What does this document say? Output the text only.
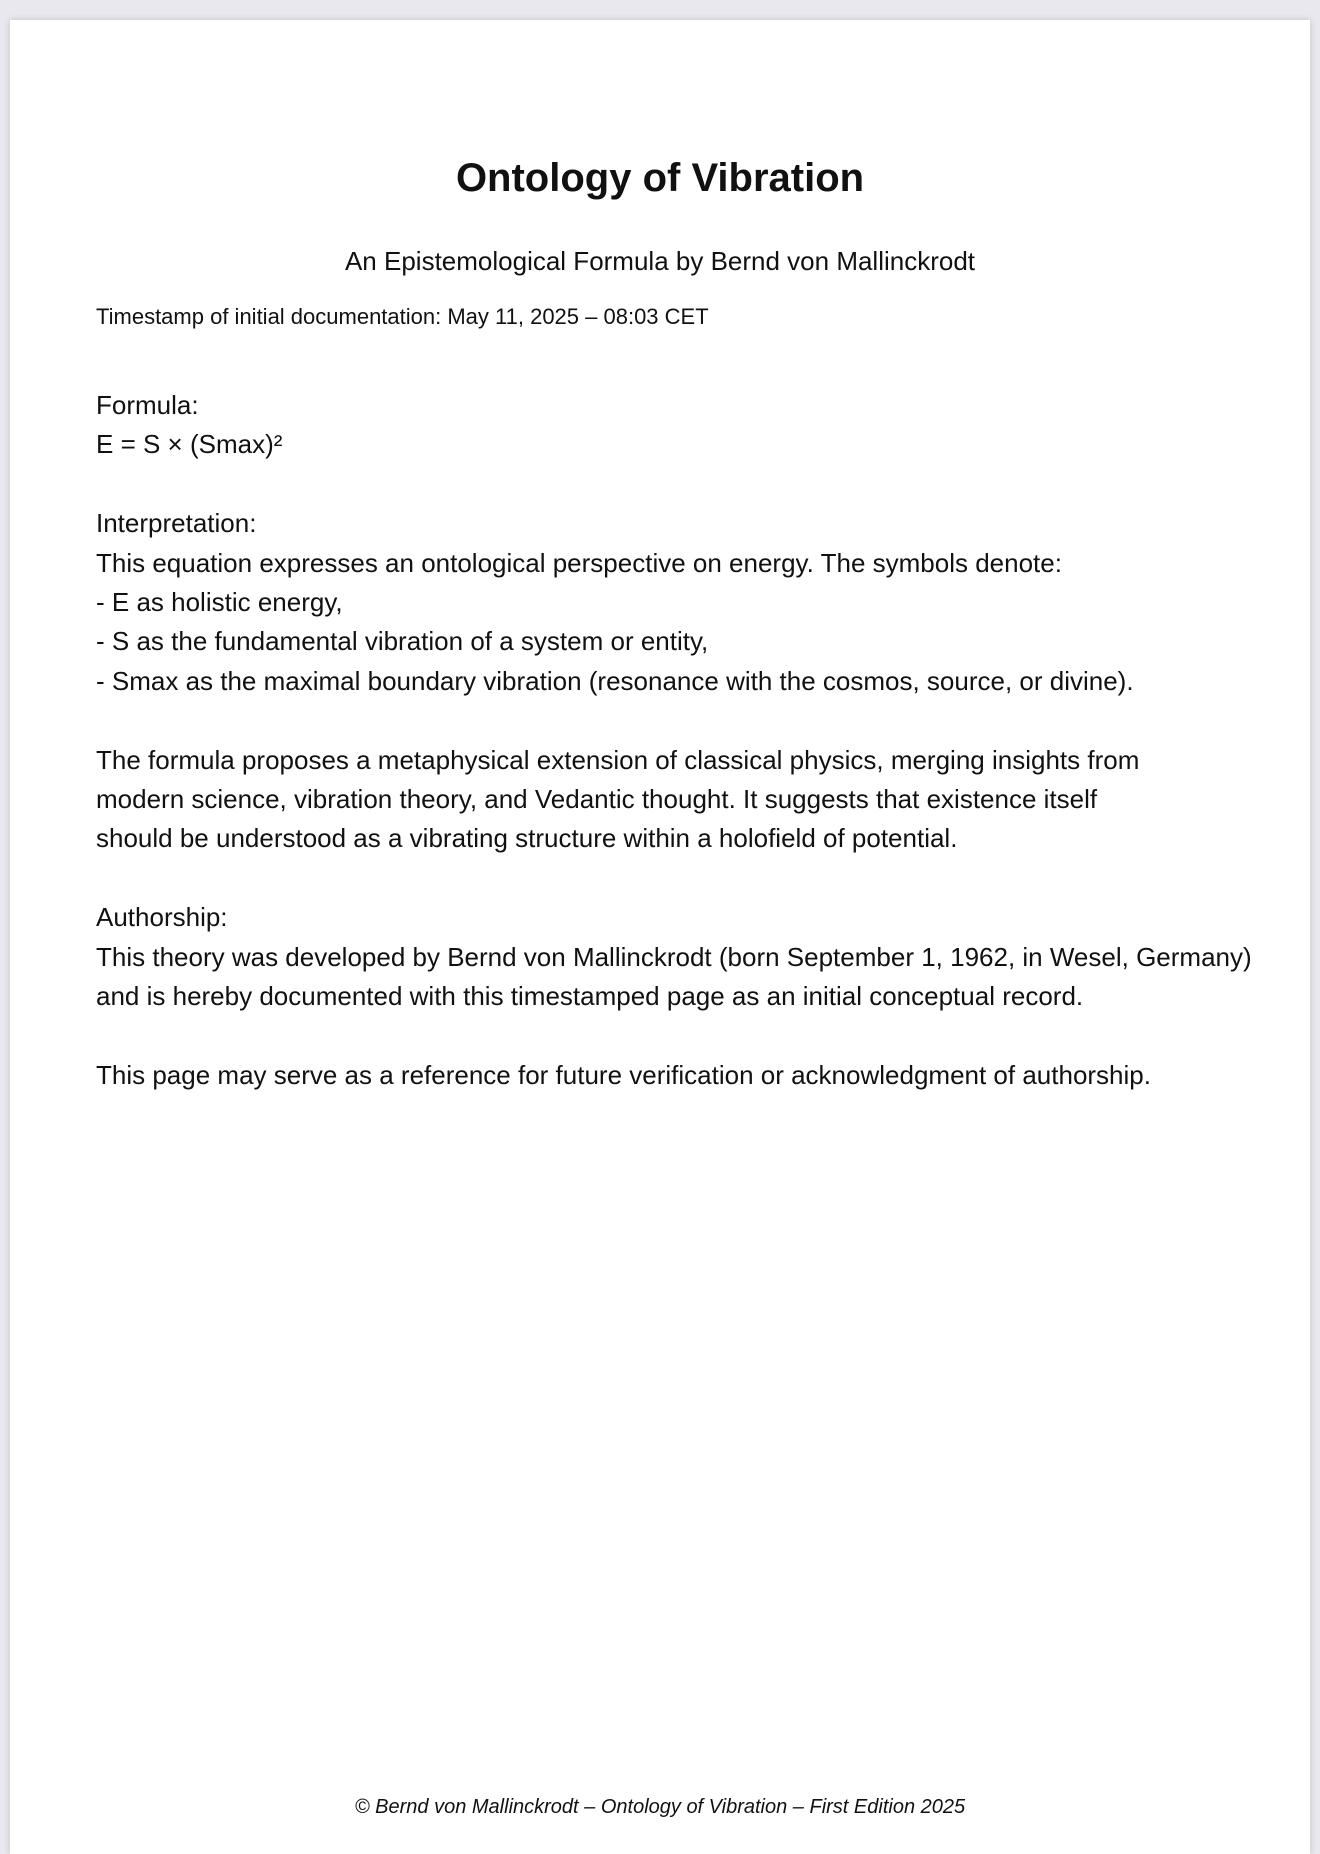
Ontology of Vibration
An Epistemological Formula by Bernd von Mallinckrodt
Timestamp of initial documentation: May 11, 2025 – 08:03 CET
Formula:
E = S × (Smax)²
Interpretation:
This equation expresses an ontological perspective on energy. The symbols denote:
- E as holistic energy,
- S as the fundamental vibration of a system or entity,
- Smax as the maximal boundary vibration (resonance with the cosmos, source, or divine).
The formula proposes a metaphysical extension of classical physics, merging insights from
modern science, vibration theory, and Vedantic thought. It suggests that existence itself
should be understood as a vibrating structure within a holofield of potential.
Authorship:
This theory was developed by Bernd von Mallinckrodt (born September 1, 1962, in Wesel, Germany)
and is hereby documented with this timestamped page as an initial conceptual record.
This page may serve as a reference for future verification or acknowledgment of authorship.
© Bernd von Mallinckrodt – Ontology of Vibration – First Edition 2025
